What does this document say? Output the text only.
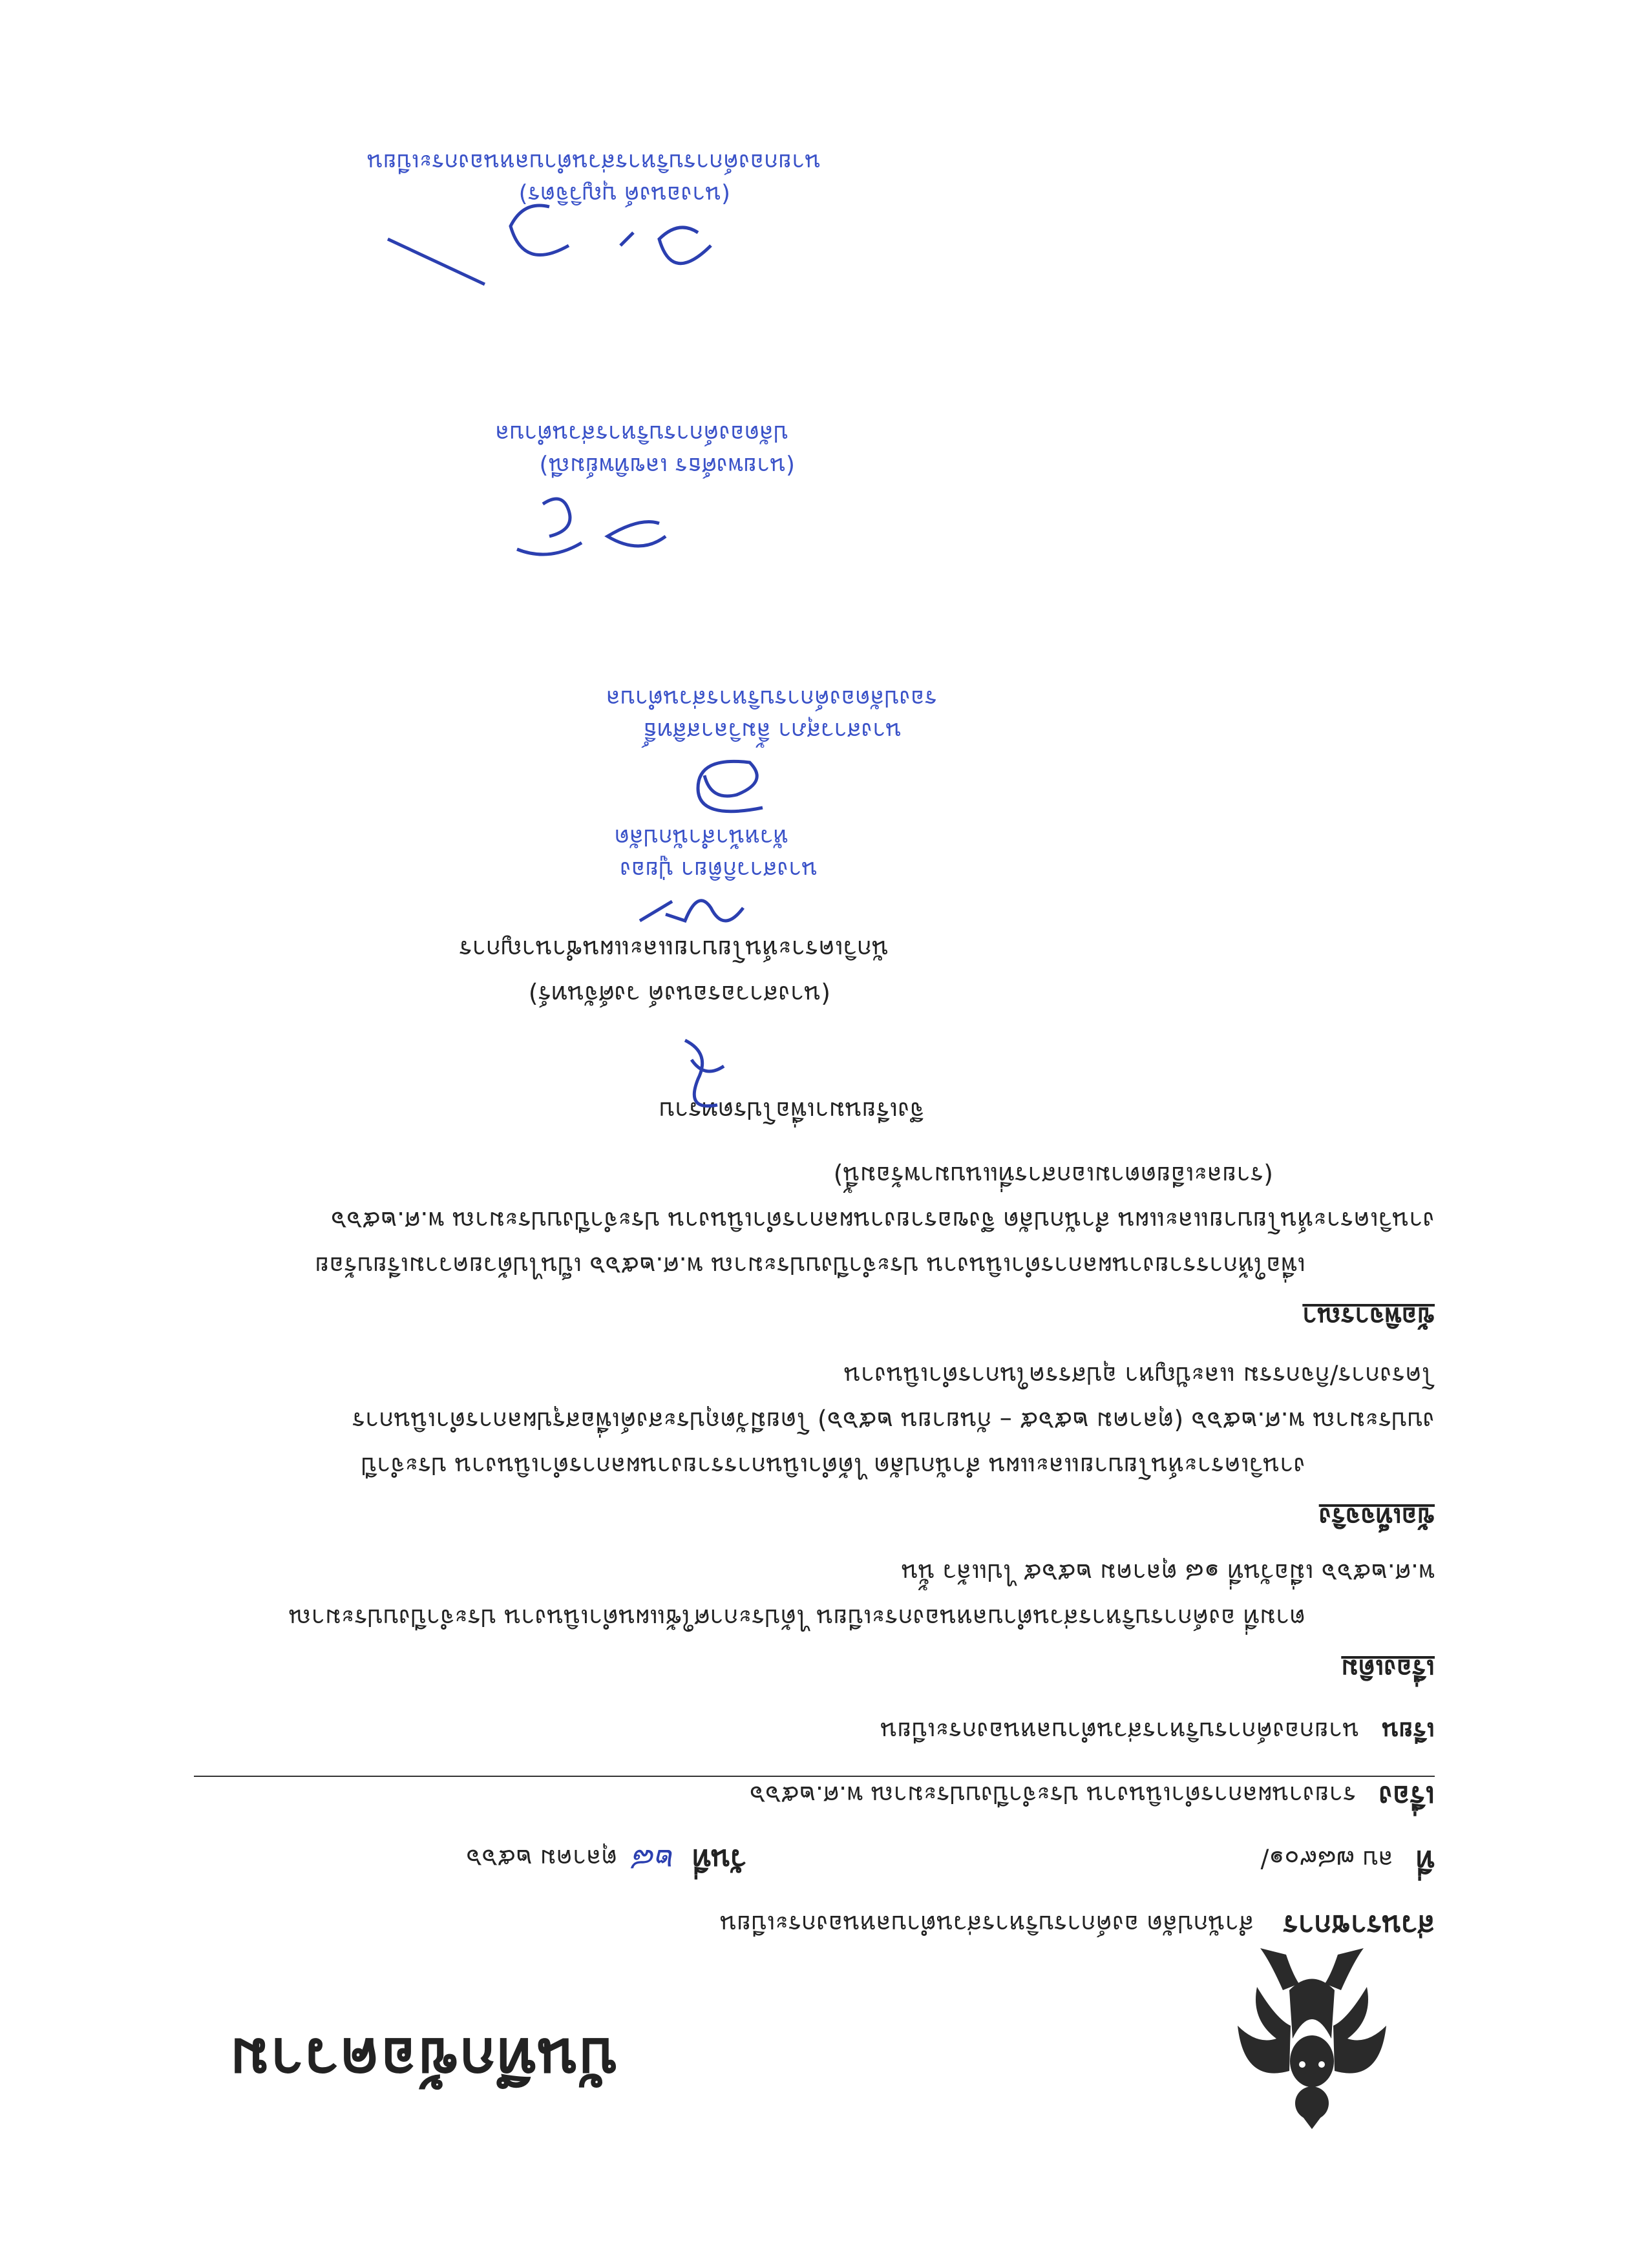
บันทึกข้อความ
ส่วนราชการ สำนักปลัด องค์การบริหารส่วนตำบลหนองกระเบียน
ที่ ลบ ๗๘๙๐๑/
วันที่ ๒๘ ตุลาคม ๒๕๖๖
เรื่อง รายงานผลการดำเนินงาน ประจำปีงบประมาณ พ.ศ.๒๕๖๖
เรียน นายกองค์การบริหารส่วนตำบลหนองกระเบียน
เรื่องเดิม
ตามที่ องค์การบริหารส่วนตำบลหนองกระเบียน ได้ประกาศใช้แผนดำเนินงาน ประจำปีงบประมาณ
พ.ศ.๒๕๖๖ เมื่อวันที่ ๑๘ ตุลาคม ๒๕๖๕ ไปแล้ว นั้น
ข้อเท็จจริง
งานวิเคราะห์นโยบายและแผน สำนักปลัด ได้ดำเนินการรายงานผลการดำเนินงาน ประจำปี
งบประมาณ พ.ศ.๒๕๖๖ (ตุลาคม ๒๕๖๕ – กันยายน ๒๕๖๖) โดยมีวัตถุประสงค์เพื่อสรุปผลการดำเนินการ
โครงการ/กิจกรรม และปัญหา อุปสรรคในการดำเนินงาน
ข้อพิจารณา
เพื่อให้การรายงานผลการดำเนินงาน ประจำปีงบประมาณ พ.ศ.๒๕๖๖ เป็นไปด้วยความเรียบร้อย
งานวิเคราะห์นโยบายและแผน สำนักปลัด จึงขอรายงานผลการดำเนินงาน ประจำปีงบประมาณ พ.ศ.๒๕๖๖
(รายละเอียดตามเอกสารที่แนบมาพร้อมนี้)
จึงเรียนมาเพื่อโปรดทราบ
(นางสาวอรอนงค์ วงศ์จันทร์)
นักวิเคราะห์นโยบายและแผนชำนาญการ
นางสาวกิติยา ปู่ยอง
หัวหน้าสำนักปลัด
นางสาวสุภา ลิ้มวิลาสสิทธิ์
รองปลัดองค์การบริหารส่วนตำบล
(นายพงศ์ธร เลขทิพย์มณี)
ปลัดองค์การบริหารส่วนตำบล
(นางอนงค์ บุญวิจิตร)
นายกองค์การบริหารส่วนตำบลหนองกระเบียน
